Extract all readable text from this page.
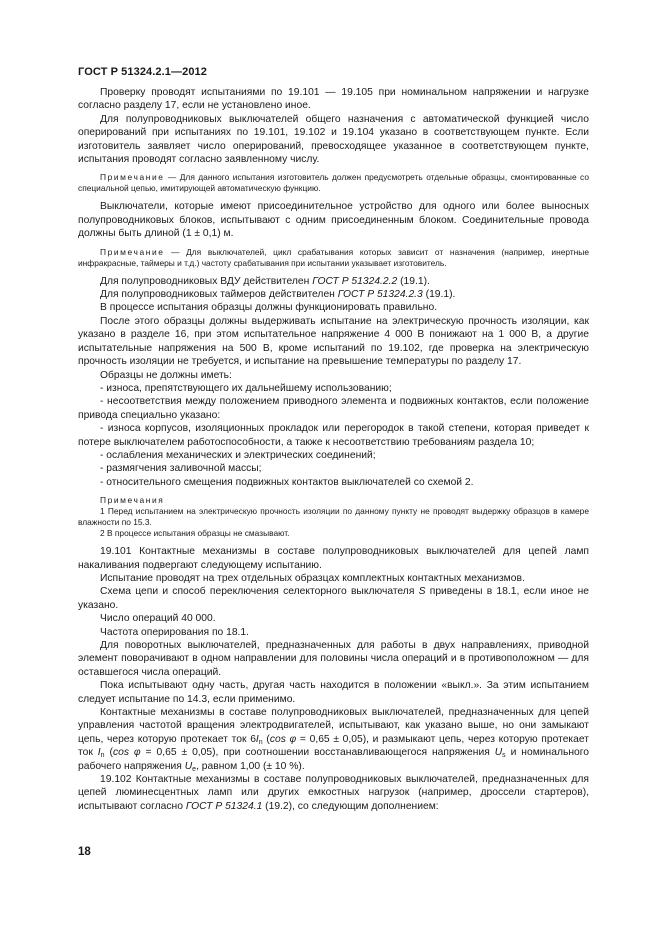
ГОСТ Р 51324.2.1—2012

Проверку проводят испытаниями по 19.101 — 19.105 при номинальном напряжении и нагрузке согласно разделу 17, если не установлено иное.

Для полупроводниковых выключателей общего назначения с автоматической функцией число оперирований при испытаниях по 19.101, 19.102 и 19.104 указано в соответствующем пункте. Если изготовитель заявляет число оперирований, превосходящее указанное в соответствующем пункте, испытания проводят согласно заявленному числу.

Примечание — Для данного испытания изготовитель должен предусмотреть отдельные образцы, смонтированные со специальной цепью, имитирующей автоматическую функцию.

Выключатели, которые имеют присоединительное устройство для одного или более выносных полупроводниковых блоков, испытывают с одним присоединенным блоком. Соединительные провода должны быть длиной (1 ± 0,1) м.

Примечание — Для выключателей, цикл срабатывания которых зависит от назначения (например, инертные инфракрасные, таймеры и т.д.) частоту срабатывания при испытании указывает изготовитель.

Для полупроводниковых ВДУ действителен ГОСТ Р 51324.2.2 (19.1).

Для полупроводниковых таймеров действителен ГОСТ Р 51324.2.3 (19.1).

В процессе испытания образцы должны функционировать правильно.

После этого образцы должны выдерживать испытание на электрическую прочность изоляции, как указано в разделе 16, при этом испытательное напряжение 4 000 В понижают на 1 000 В, а другие испытательные напряжения на 500 В, кроме испытаний по 19.102, где проверка на электрическую прочность изоляции не требуется, и испытание на превышение температуры по разделу 17.

Образцы не должны иметь:

- износа, препятствующего их дальнейшему использованию;

- несоответствия между положением приводного элемента и подвижных контактов, если положение привода специально указано:

- износа корпусов, изоляционных прокладок или перегородок в такой степени, которая приведет к потере выключателем работоспособности, а также к несоответствию требованиям раздела 10;

- ослабления механических и электрических соединений;

- размягчения заливочной массы;

- относительного смещения подвижных контактов выключателей со схемой 2.

Примечания

1 Перед испытанием на электрическую прочность изоляции по данному пункту не проводят выдержку образцов в камере влажности по 15.3.

2 В процессе испытания образцы не смазывают.

19.101 Контактные механизмы в составе полупроводниковых выключателей для цепей ламп накаливания подвергают следующему испытанию.

Испытание проводят на трех отдельных образцах комплектных контактных механизмов.

Схема цепи и способ переключения селекторного выключателя S приведены в 18.1, если иное не указано.

Число операций 40 000.

Частота оперирования по 18.1.

Для поворотных выключателей, предназначенных для работы в двух направлениях, приводной элемент поворачивают в одном направлении для половины числа операций и в противоположном — для оставшегося числа операций.

Пока испытывают одну часть, другая часть находится в положении «выкл.». За этим испытанием следует испытание по 14.3, если применимо.

Контактные механизмы в составе полупроводниковых выключателей, предназначенных для цепей управления частотой вращения электродвигателей, испытывают, как указано выше, но они замыкают цепь, через которую протекает ток $6I_n$ (cos φ = 0,65 ± 0,05), и размыкают цепь, через которую протекает ток $I_n$ (cos φ = 0,65 ± 0,05), при соотношении восстанавливающегося напряжения $U_s$ и номинального рабочего напряжения $U_e$, равном 1,00 (± 10 %).

19.102 Контактные механизмы в составе полупроводниковых выключателей, предназначенных для цепей люминесцентных ламп или других емкостных нагрузок (например, дроссели стартеров), испытывают согласно ГОСТ Р 51324.1 (19.2), со следующим дополнением:

18
